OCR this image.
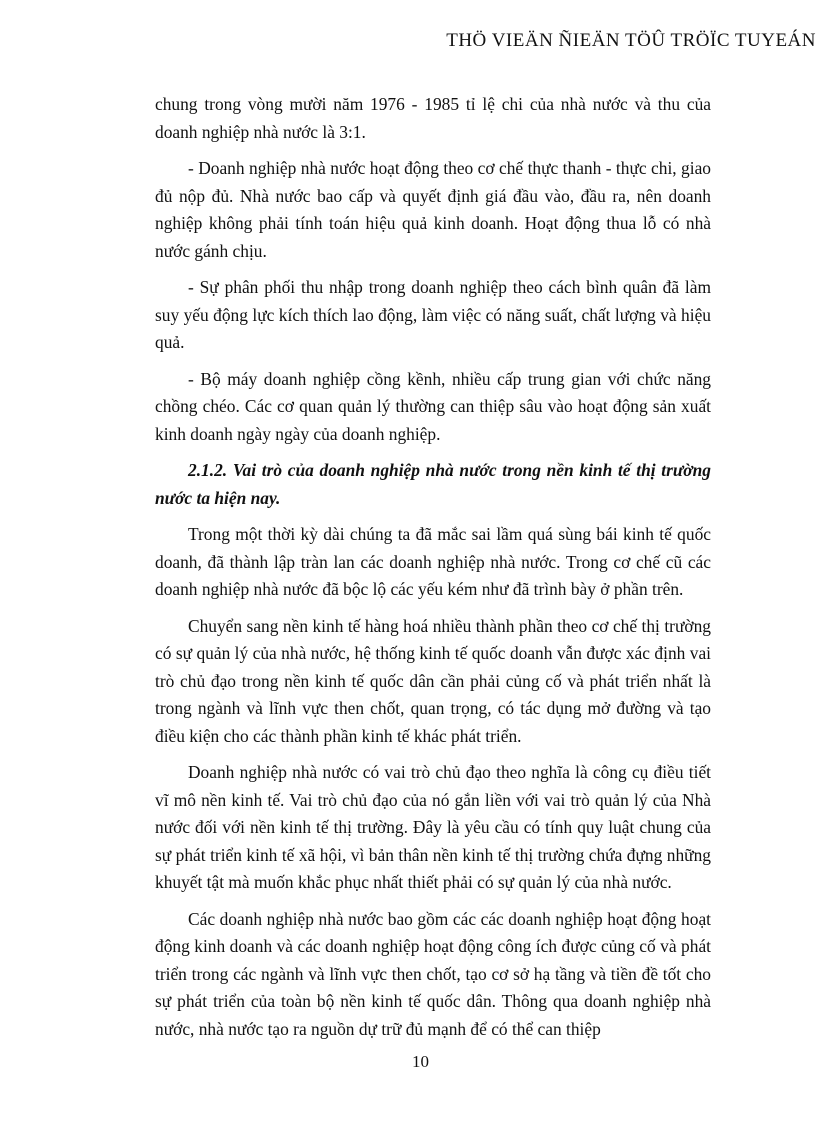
THÖ VIEÄN ÑIEÄN TÖÛ TRÖÏC TUYEÁN

chung trong vòng mười năm 1976 - 1985 tỉ lệ chi của nhà nước và thu của doanh nghiệp nhà nước là 3:1.

- Doanh nghiệp nhà nước hoạt động theo cơ chế thực thanh - thực chi, giao đủ nộp đủ. Nhà nước bao cấp và quyết định giá đầu vào, đầu ra, nên doanh nghiệp không phải tính toán hiệu quả kinh doanh. Hoạt động thua lỗ có nhà nước gánh chịu.

- Sự phân phối thu nhập trong doanh nghiệp theo cách bình quân đã làm suy yếu động lực kích thích lao động, làm việc có năng suất, chất lượng và hiệu quả.

- Bộ máy doanh nghiệp cồng kềnh, nhiều cấp trung gian với chức năng chồng chéo. Các cơ quan quản lý thường can thiệp sâu vào hoạt động sản xuất kinh doanh ngày ngày của doanh nghiệp.

2.1.2. Vai trò của doanh nghiệp nhà nước trong nền kinh tế thị trường nước ta hiện nay.

Trong một thời kỳ dài chúng ta đã mắc sai lầm quá sùng bái kinh tế quốc doanh, đã thành lập tràn lan các doanh nghiệp nhà nước. Trong cơ chế cũ các doanh nghiệp nhà nước đã bộc lộ các yếu kém như đã trình bày ở phần trên.

Chuyển sang nền kinh tế hàng hoá nhiều thành phần theo cơ chế thị trường có sự quản lý của nhà nước, hệ thống kinh tế quốc doanh vẫn được xác định vai trò chủ đạo trong nền kinh tế quốc dân cần phải củng cố và phát triển nhất là trong ngành và lĩnh vực then chốt, quan trọng, có tác dụng mở đường và tạo điều kiện cho các thành phần kinh tế khác phát triển.

Doanh nghiệp nhà nước có vai trò chủ đạo theo nghĩa là công cụ điều tiết vĩ mô nền kinh tế. Vai trò chủ đạo của nó gắn liền với vai trò quản lý của Nhà nước đối với nền kinh tế thị trường. Đây là yêu cầu có tính quy luật chung của sự phát triển kinh tế xã hội, vì bản thân nền kinh tế thị trường chứa đựng những khuyết tật mà muốn khắc phục nhất thiết phải có sự quản lý của nhà nước.

Các doanh nghiệp nhà nước bao gồm các các doanh nghiệp hoạt động hoạt động kinh doanh và các doanh nghiệp hoạt động công ích được củng cố và phát triển trong các ngành và lĩnh vực then chốt, tạo cơ sở hạ tầng và tiền đề tốt cho sự phát triển của toàn bộ nền kinh tế quốc dân. Thông qua doanh nghiệp nhà nước, nhà nước tạo ra nguồn dự trữ đủ mạnh để có thể can thiệp

10
